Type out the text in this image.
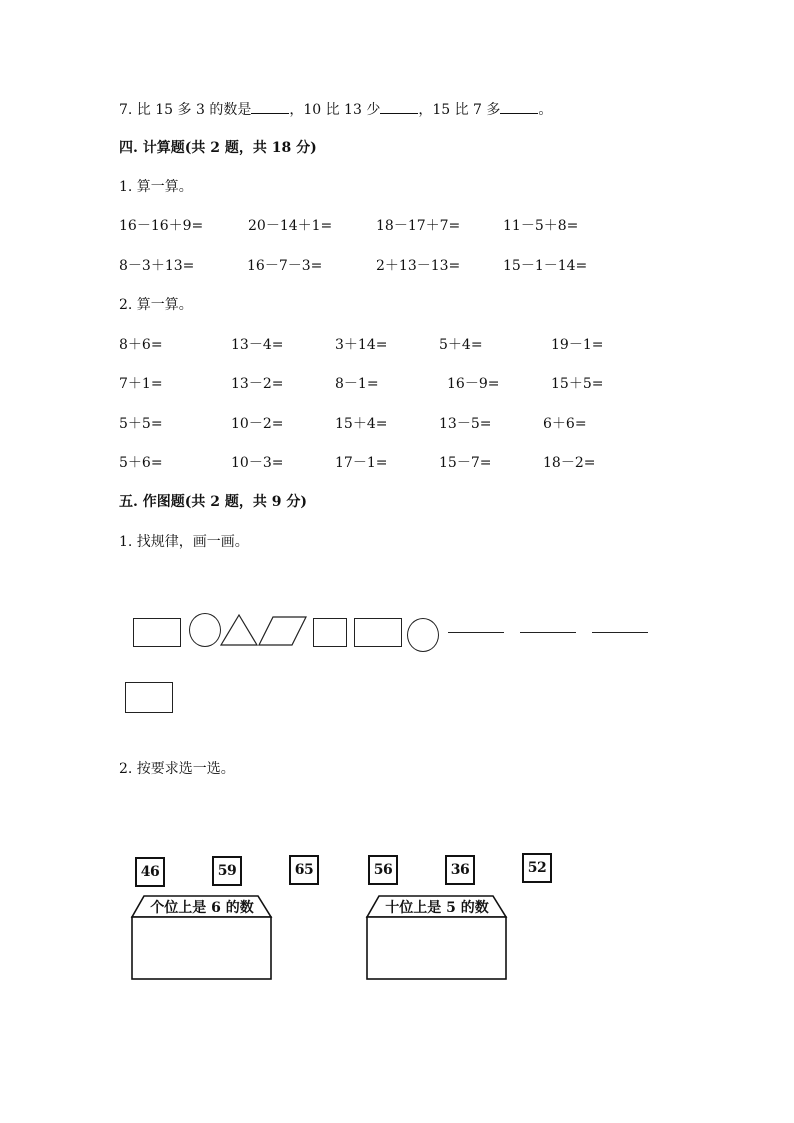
7. 比 15 多 3 的数是	，10 比 13 少	，15 比 7 多	。
四. 计算题(共 2 题，共 18 分)
1. 算一算。
16－16＋9=	20－14＋1=	18－17＋7=	11－5＋8=
8－3＋13=	16－7－3=	2＋13－13=	15－1－14=
2. 算一算。
8＋6=	13－4=	3＋14=	5＋4=	19－1=
7＋1=	13－2=	8－1=	16－9=	15＋5=
5＋5=	10－2=	15＋4=	13－5=	6＋6=
5＋6=	10－3=	17－1=	15－7=	18－2=
五. 作图题(共 2 题，共 9 分)
1. 找规律，画一画。
2. 按要求选一选。
46	59	65	56	36	52
个位上是 6 的数	十位上是 5 的数
